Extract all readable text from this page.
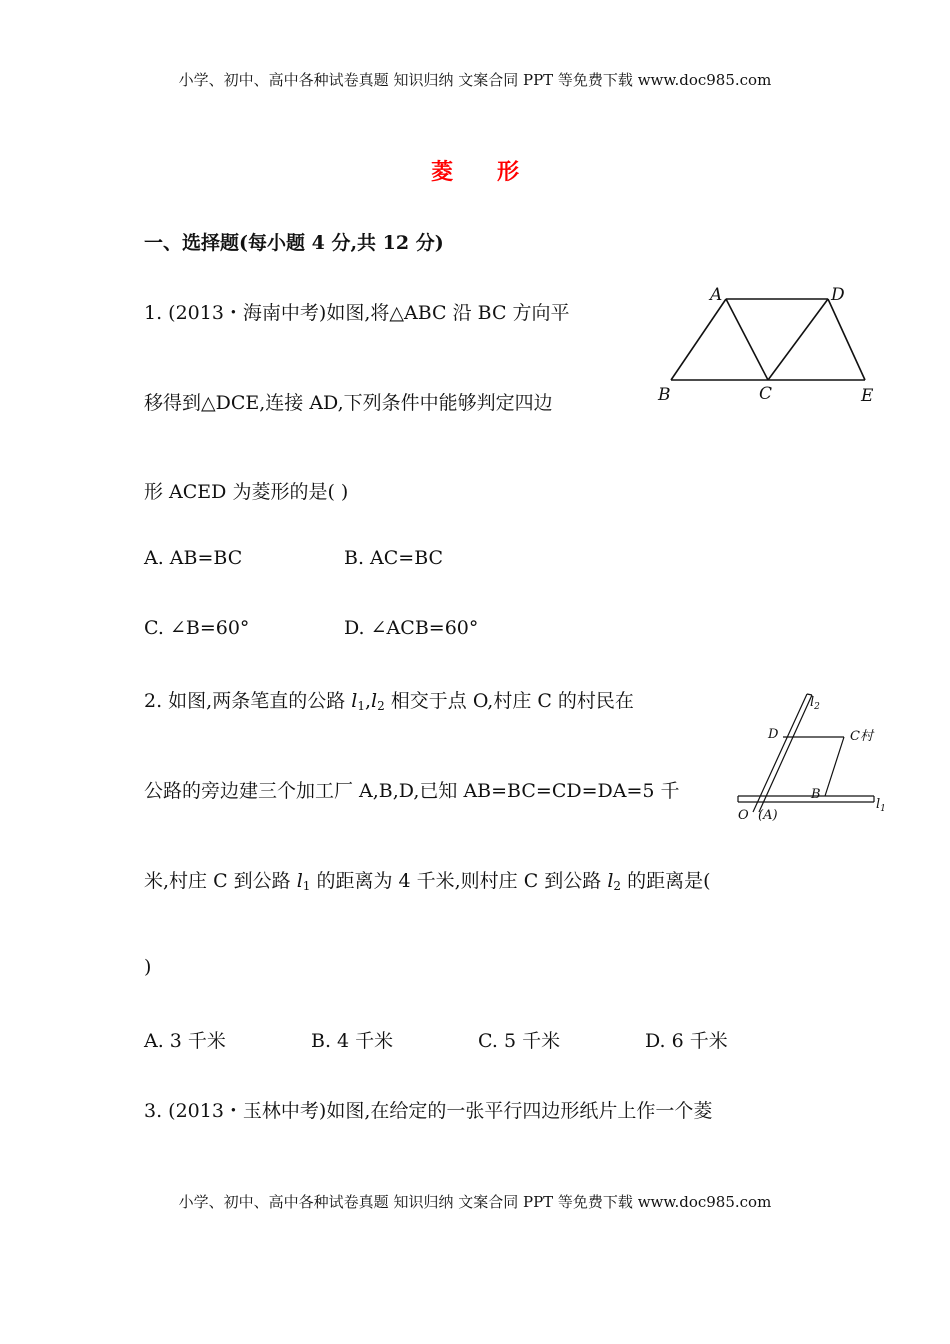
小学、初中、高中各种试卷真题 知识归纳 文案合同 PPT 等免费下载 www.doc985.com
菱 形
一、选择题(每小题 4 分,共 12 分)
1. (2013・海南中考)如图,将△ABC 沿 BC 方向平
移得到△DCE,连接 AD,下列条件中能够判定四边
形 ACED 为菱形的是( )
A. AB=BC	B. AC=BC
C. ∠B=60°	D. ∠ACB=60°
A	D
B	C	E
2. 如图,两条笔直的公路 $l_1,l_2$ 相交于点 O,村庄 C 的村民在
公路的旁边建三个加工厂 A,B,D,已知 AB=BC=CD=DA=5 千
米,村庄 C 到公路 $l_1$ 的距离为 4 千米,则村庄 C 到公路 $l_2$ 的距离是(
)
A. 3 千米	B. 4 千米	C. 5 千米	D. 6 千米
$l_2$
D	C村
B
$l_1$
O (A)
3. (2013・玉林中考)如图,在给定的一张平行四边形纸片上作一个菱
小学、初中、高中各种试卷真题 知识归纳 文案合同 PPT 等免费下载 www.doc985.com
